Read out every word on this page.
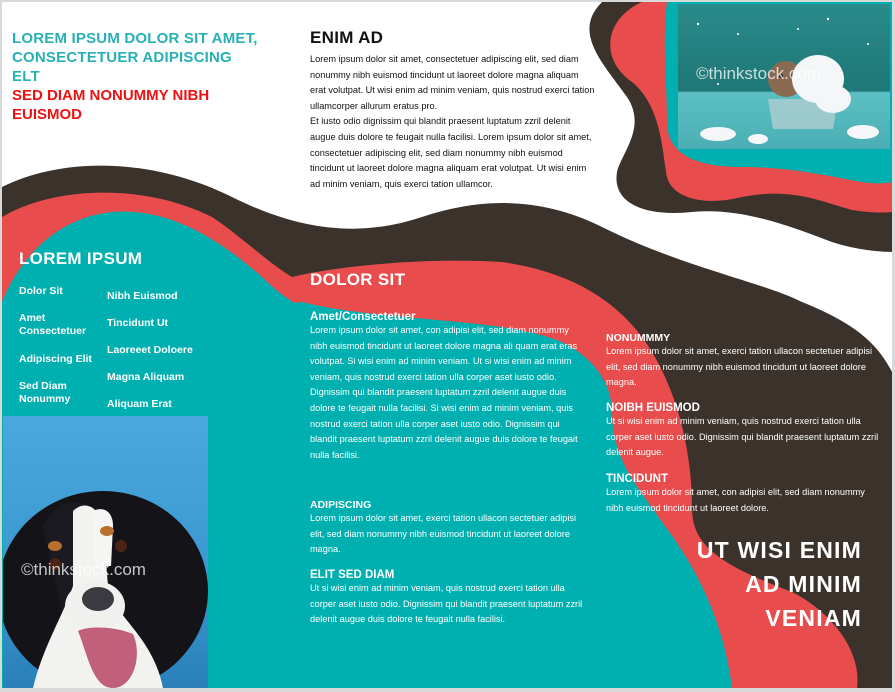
LOREM IPSUM DOLOR SIT AMET,
CONSECTETUER ADIPISCING
ELT
SED DIAM NONUMMY NIBH
EUISMOD
LOREM IPSUM
Dolor Sit
Amet Consectetuer
Adipiscing Elit
Sed Diam Nonummy
Nibh Euismod
Tincidunt Ut
Laoreeet Doloere
Magna Aliquam
Aliquam Erat
©thinkstock.com
ENIM AD
Lorem ipsum dolor sit amet, consectetuer adipiscing elit, sed diam nonummy nibh euismod tincidunt ut laoreet dolore magna aliquam erat volutpat. Ut wisi enim ad minim veniam, quis nostrud exerci tation ullamcorper allurum eratus pro.
Et iusto odio dignissim qui blandit praesent luptatum zzril delenit augue duis dolore te feugait nulla facilisi. Lorem ipsum dolor sit amet, consectetuer adipiscing elit, sed diam nonummy nibh euismod tincidunt ut laoreet dolore magna aliquam erat volutpat. Ut wisi enim ad minim veniam, quis exerci tation ullamcor.
DOLOR SIT
Amet/Consectetuer
Lorem ipsum dolor sit amet, con adipisi elit, sed diam nonummy nibh euismod tincidunt ut laoreet dolore magna ali quam erat eras volutpat. Si wisi enim ad minim veniam. Ut si wisi enim ad minim veniam, quis nostrud exerci tation ulla corper aset iusto odio. Dignissim qui blandit praesent luptatum zzril delenit augue duis dolore te feugait nulla facilisi. Si wisi enim ad minim veniam, quis nostrud exerci tation ulla corper aset iusto odio. Dignissim qui blandit praesent luptatum zzril delenit augue duis dolore te feugait nulla facilisi.
ADIPISCING
Lorem ipsum dolor sit amet, exerci tation ullacon sectetuer adipisi elit, sed diam nonummy nibh euismod tincidunt ut laoreet dolore magna.
ELIT SED DIAM
Ut si wisi enim ad minim veniam, quis nostrud exerci tation ulla corper aset iusto odio. Dignissim qui blandit praesent luptatum zzril delenit augue duis dolore te feugait nulla facilisi.
©thinkstock.com
NONUMMMY
Lorem ipsum dolor sit amet, exerci tation ullacon sectetuer adipisi elit, sed diam nonummy nibh euismod tincidunt ut laoreet dolore magna.
NOIBH EUISMOD
Ut si wisi enim ad minim veniam, quis nostrud exerci tation ulla corper aset iusto odio. Dignissim qui blandit praesent luptatum zzril delenit augue.
TINCIDUNT
Lorem ipsum dolor sit amet, con adipisi elit, sed diam nonummy nibh euismod tincidunt ut laoreet dolore.
UT WISI ENIM
AD MINIM
VENIAM
